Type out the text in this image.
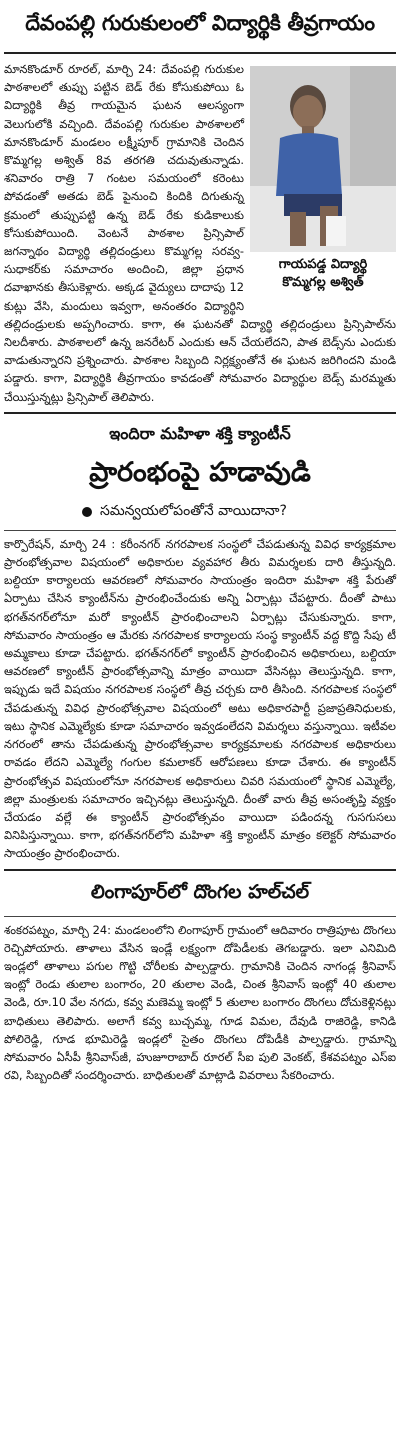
దేవంపల్లి గురుకులంలో విద్యార్థికి తీవ్రగాయం
గాయపడ్డ విద్యార్థి
కొమ్మగల్ల అశ్విత్
మానకొండూర్ రూరల్, మార్చి 24: దేవంపల్లి గురుకుల పాఠశాలలో తుప్పు పట్టిన బెడ్ రేకు కోసుకుపోయి ఓ విద్యార్థికి తీవ్ర గాయమైన ఘటన ఆలస్యంగా వెలుగులోకి వచ్చింది. దేవంపల్లి గురుకుల పాఠశాలలో మానకొండూర్ మండలం లక్ష్మీపూర్ గ్రామానికి చెందిన కొమ్మగల్ల అశ్విత్ 8వ తరగతి చదువుతున్నాడు. శనివారం రాత్రి 7 గంటల సమయంలో కరెంటు పోవడంతో అతడు బెడ్ పైనుంచి కిందికి దిగుతున్న క్రమంలో తుప్పుపట్టి ఉన్న బెడ్ రేకు కుడికాలుకు కోసుకుపోయింది. వెంటనే పాఠశాల ప్రిన్సిపాల్ జగన్నాథం విద్యార్థి తల్లిదండ్రులు కొమ్మగల్ల సరవ్వ-సుధాకర్‌కు సమాచారం అందించి, జిల్లా ప్రధాన దవాఖానకు తీసుకెళ్లారు. అక్కడ వైద్యులు దాదాపు 12 కుట్లు వేసి, మందులు ఇవ్వగా, అనంతరం విద్యార్థిని తల్లిదండ్రులకు అప్పగించారు. కాగా, ఈ ఘటనతో విద్యార్థి తల్లిదండ్రులు ప్రిన్సిపాల్‌ను నిలదీశారు. పాఠశాలలో ఉన్న జనరేటర్ ఎందుకు ఆన్ చేయలేదని, పాత బెడ్స్‌ను ఎందుకు వాడుతున్నారని ప్రశ్నించారు. పాఠశాల సిబ్బంది నిర్లక్ష్యంతోనే ఈ ఘటన జరిగిందని మండి పడ్డారు. కాగా, విద్యార్థికి తీవ్రగాయం కావడంతో సోమవారం విద్యార్థుల బెడ్స్ మరమ్మతు చేయిస్తున్నట్లు ప్రిన్సిపాల్ తెలిపారు.
ఇందిరా మహిళా శక్తి క్యాంటీన్
ప్రారంభంపై హడావుడి
సమన్వయలోపంతోనే వాయిదానా?
కార్పొరేషన్, మార్చి 24 : కరీంనగర్ నగరపాలక సంస్థలో చేపడుతున్న వివిధ కార్యక్రమాల ప్రారంభోత్సవాల విషయంలో అధికారుల వ్యవహార తీరు విమర్శలకు దారి తీస్తున్నది. బల్దియా కార్యాలయ ఆవరణలో సోమవారం సాయంత్రం ఇందిరా మహిళా శక్తి పేరుతో ఏర్పాటు చేసిన క్యాంటీన్‌ను ప్రారంభించేందుకు అన్ని ఏర్పాట్లు చేపట్టారు. దీంతో పాటు భగత్‌నగర్‌లోనూ మరో క్యాంటీన్ ప్రారంభించాలని ఏర్పాట్లు చేసుకున్నారు. కాగా, సోమవారం సాయంత్రం ఆ మేరకు నగరపాలక కార్యాలయ సంస్థ క్యాంటీన్ వద్ద కొద్ది సేపు టీ అమ్మకాలు కూడా చేపట్టారు. భగత్‌నగర్‌లో క్యాంటీన్ ప్రారంభించిన అధికారులు, బల్దియా ఆవరణలో క్యాంటీన్ ప్రారంభోత్సవాన్ని మాత్రం వాయిదా వేసినట్లు తెలుస్తున్నది. కాగా, ఇప్పుడు ఇదే విషయం నగరపాలక సంస్థలో తీవ్ర చర్చకు దారి తీసింది. నగరపాలక సంస్థలో చేపడుతున్న వివిధ ప్రారంభోత్సవాల విషయంలో అటు అధికారపార్టీ ప్రజాప్రతినిధులకు, ఇటు స్థానిక ఎమ్మెల్యేకు కూడా సమాచారం ఇవ్వడంలేదని విమర్శలు వస్తున్నాయి. ఇటీవల నగరంలో తాను చేపడుతున్న ప్రారంభోత్సవాల కార్యక్రమాలకు నగరపాలక అధికారులు రావడం లేదని ఎమ్మెల్యే గంగుల కమలాకర్ ఆరోపణలు కూడా చేశారు. ఈ క్యాంటీన్ ప్రారంభోత్సవ విషయంలోనూ నగరపాలక అధికారులు చివరి సమయంలో స్థానిక ఎమ్మెల్యే, జిల్లా మంత్రులకు సమాచారం ఇచ్చినట్లు తెలుస్తున్నది. దీంతో వారు తీవ్ర అసంతృప్తి వ్యక్తం చేయడం వల్లే ఈ క్యాంటీన్ ప్రారంభోత్సవం వాయిదా పడిందన్న గుసగుసలు వినిపిస్తున్నాయి. కాగా, భగత్‌నగర్‌లోని మహిళా శక్తి క్యాంటీన్ మాత్రం కలెక్టర్ సోమవారం సాయంత్రం ప్రారంభించారు.
లింగాపూర్‌లో దొంగల హల్‌చల్
శంకరపట్నం, మార్చి 24: మండలంలోని లింగాపూర్ గ్రామంలో ఆదివారం రాత్రిపూట దొంగలు రెచ్చిపోయారు. తాళాలు వేసిన ఇండ్లే లక్ష్యంగా దోపిడీలకు తెగబడ్డారు. ఇలా ఎనిమిది ఇండ్లలో తాళాలు పగుల గొట్టి చోరీలకు పాల్పడ్డారు. గ్రామానికి చెందిన నాగండ్ల శ్రీనివాస్ ఇంట్లో రెండు తులాల బంగారం, 20 తులాల వెండి, చింత శ్రీనివాస్ ఇంట్లో 40 తులాల వెండి, రూ.10 వేల నగదు, కవ్వ మణెమ్మ ఇంట్లో 5 తులాల బంగారం దొంగలు దోచుకెళ్లినట్లు బాధితులు తెలిపారు. అలాగే కవ్వ బుచ్చమ్మ, గూడ విమల, దేవుడి రాజిరెడ్డి, కానిడి పోలిరెడ్డి, గూడ భూమిరెడ్డి ఇండ్లలో సైతం దొంగలు దోపిడీకి పాల్పడ్డారు. గ్రామాన్ని సోమవారం ఏసీపీ శ్రీనివాస్‌జీ, హుజూరాబాద్ రూరల్ సీఐ పులి వెంకట్, కేశవపట్నం ఎస్ఐ రవి, సిబ్బందితో సందర్శించారు. బాధితులతో మాట్లాడి వివరాలు సేకరించారు.
